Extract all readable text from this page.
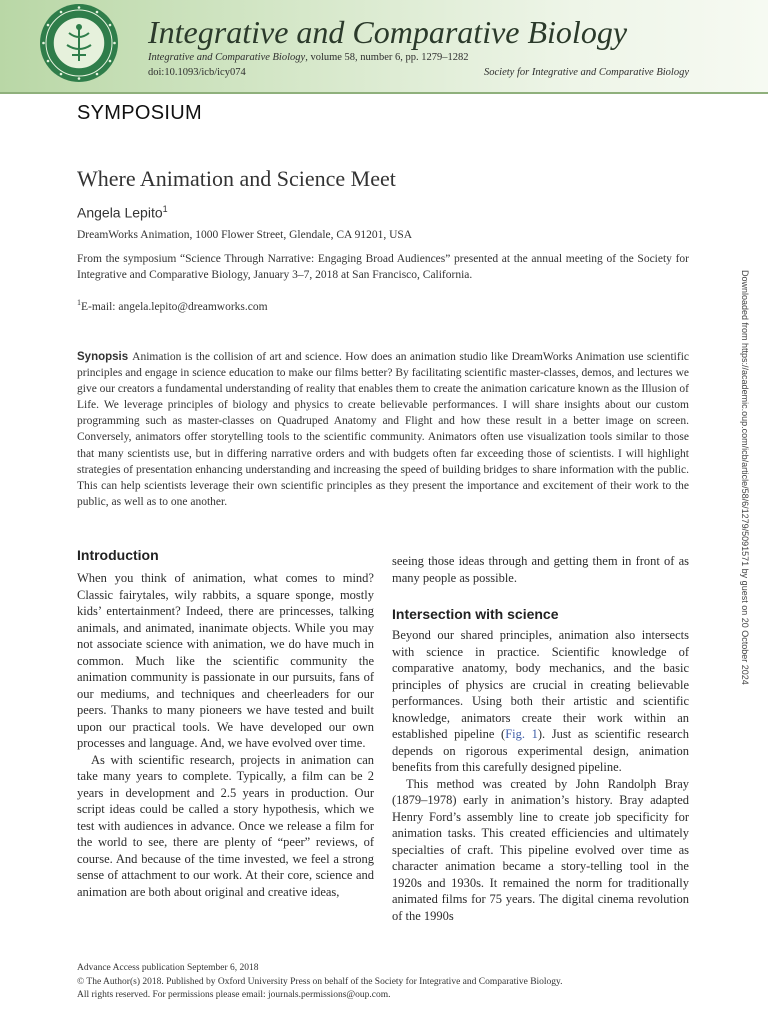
Integrative and Comparative Biology
Integrative and Comparative Biology, volume 58, number 6, pp. 1279–1282
doi:10.1093/icb/icy074	Society for Integrative and Comparative Biology
SYMPOSIUM
Where Animation and Science Meet
Angela Lepito$^1$
DreamWorks Animation, 1000 Flower Street, Glendale, CA 91201, USA
From the symposium “Science Through Narrative: Engaging Broad Audiences” presented at the annual meeting of the Society for Integrative and Comparative Biology, January 3–7, 2018 at San Francisco, California.
$^1$E-mail: angela.lepito@dreamworks.com
Synopsis Animation is the collision of art and science. How does an animation studio like DreamWorks Animation use scientific principles and engage in science education to make our films better? By facilitating scientific master-classes, demos, and lectures we give our creators a fundamental understanding of reality that enables them to create the animation caricature known as the Illusion of Life. We leverage principles of biology and physics to create believable performances. I will share insights about our custom programming such as master-classes on Quadruped Anatomy and Flight and how these result in a better image on screen. Conversely, animators offer storytelling tools to the scientific community. Animators often use visualization tools similar to those that many scientists use, but in differing narrative orders and with budgets often far exceeding those of scientists. I will highlight strategies of presentation enhancing understanding and increasing the speed of building bridges to share information with the public. This can help scientists leverage their own scientific principles as they present the importance and excitement of their work to the public, as well as to one another.
Introduction

When you think of animation, what comes to mind? Classic fairytales, wily rabbits, a square sponge, mostly kids’ entertainment? Indeed, there are princesses, talking animals, and animated, inanimate objects. While you may not associate science with animation, we do have much in common. Much like the scientific community the animation community is passionate in our pursuits, fans of our mediums, and techniques and cheerleaders for our peers. Thanks to many pioneers we have tested and built upon our practical tools. We have developed our own processes and language. And, we have evolved over time.

As with scientific research, projects in animation can take many years to complete. Typically, a film can be 2 years in development and 2.5 years in production. Our script ideas could be called a story hypothesis, which we test with audiences in advance. Once we release a film for the world to see, there are plenty of “peer” reviews, of course. And because of the time invested, we feel a strong sense of attachment to our work. At their core, science and animation are both about original and creative ideas,

seeing those ideas through and getting them in front of as many people as possible.

Intersection with science

Beyond our shared principles, animation also intersects with science in practice. Scientific knowledge of comparative anatomy, body mechanics, and the basic principles of physics are crucial in creating believable performances. Using both their artistic and scientific knowledge, animators create their work within an established pipeline (Fig. 1). Just as scientific research depends on rigorous experimental design, animation benefits from this carefully designed pipeline.

This method was created by John Randolph Bray (1879–1978) early in animation’s history. Bray adapted Henry Ford’s assembly line to create job specificity for animation tasks. This created efficiencies and ultimately specialties of craft. This pipeline evolved over time as character animation became a story-telling tool in the 1920s and 1930s. It remained the norm for traditionally animated films for 75 years. The digital cinema revolution of the 1990s

Downloaded from https://academic.oup.com/icb/article/58/6/1279/5091571 by guest on 20 October 2024
Advance Access publication September 6, 2018
© The Author(s) 2018. Published by Oxford University Press on behalf of the Society for Integrative and Comparative Biology.
All rights reserved. For permissions please email: journals.permissions@oup.com.
